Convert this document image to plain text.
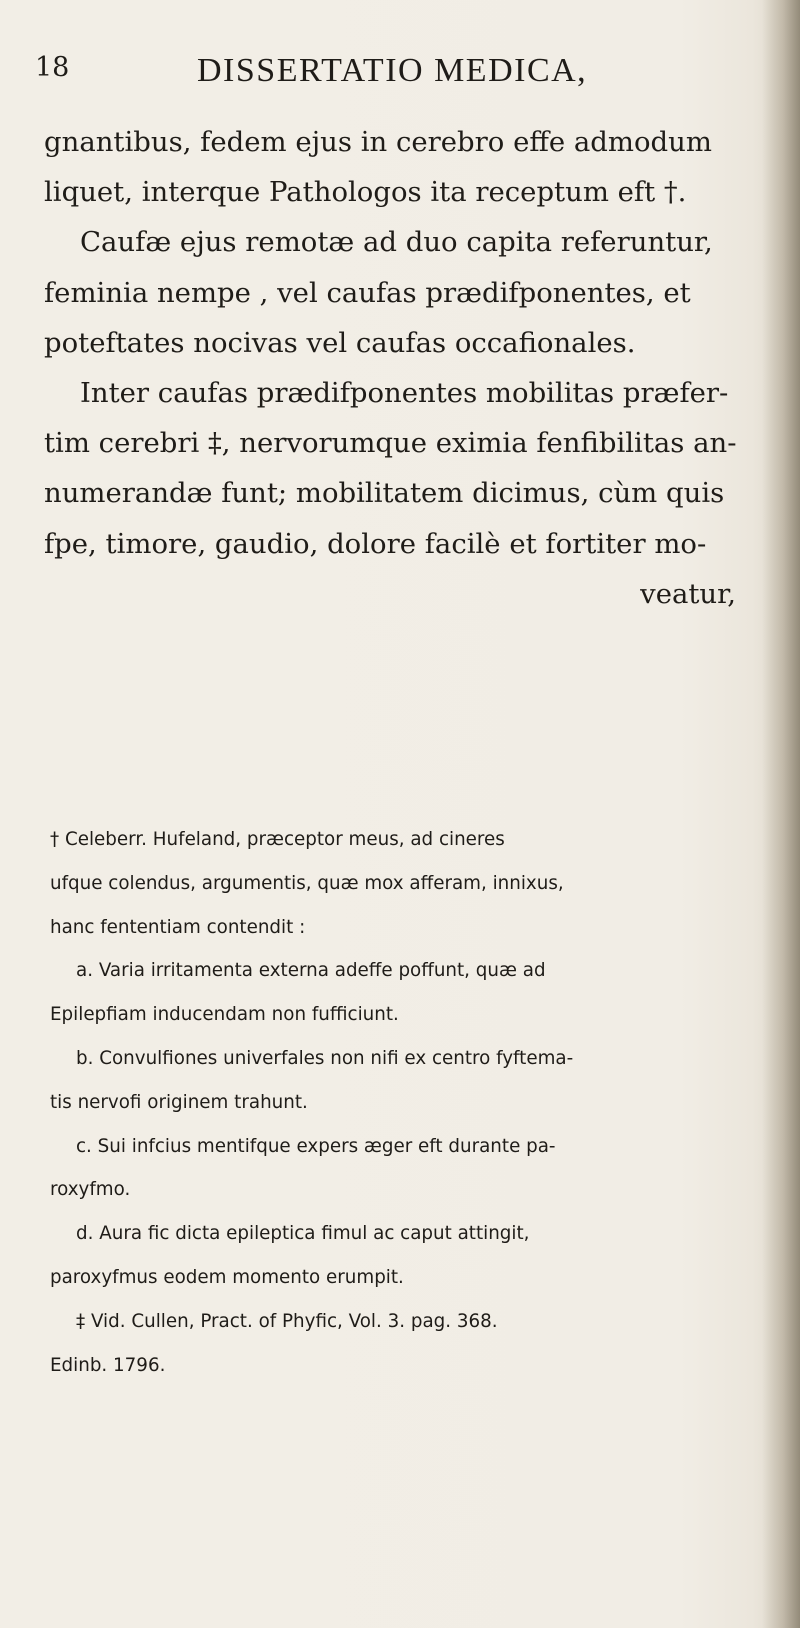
18	DISSERTATIO MEDICA,
gnantibus, fedem ejus in cerebro effe admodum
liquet, interque Pathologos ita receptum eft †.
Caufæ ejus remotæ ad duo capita referuntur,
feminia nempe , vel caufas prædifponentes, et
poteftates nocivas vel caufas occafionales.
Inter caufas prædifponentes mobilitas præfer-
tim cerebri ‡, nervorumque eximia fenfibilitas an-
numerandæ funt; mobilitatem dicimus, cùm quis
fpe, timore, gaudio, dolore facilè et fortiter mo-
veatur,
† Celeberr. Hufeland, præceptor meus, ad cineres
ufque colendus, argumentis, quæ mox afferam, innixus,
hanc fententiam contendit :
a. Varia irritamenta externa adeffe poffunt, quæ ad
Epilepfiam inducendam non fufficiunt.
b. Convulfiones univerfales non nifi ex centro fyftema-
tis nervofi originem trahunt.
c. Sui infcius mentifque expers æger eft durante pa-
roxyfmo.
d. Aura fic dicta epileptica fimul ac caput attingit,
paroxyfmus eodem momento erumpit.
‡ Vid. Cullen, Pract. of Phyfic, Vol. 3. pag. 368.
Edinb. 1796.
